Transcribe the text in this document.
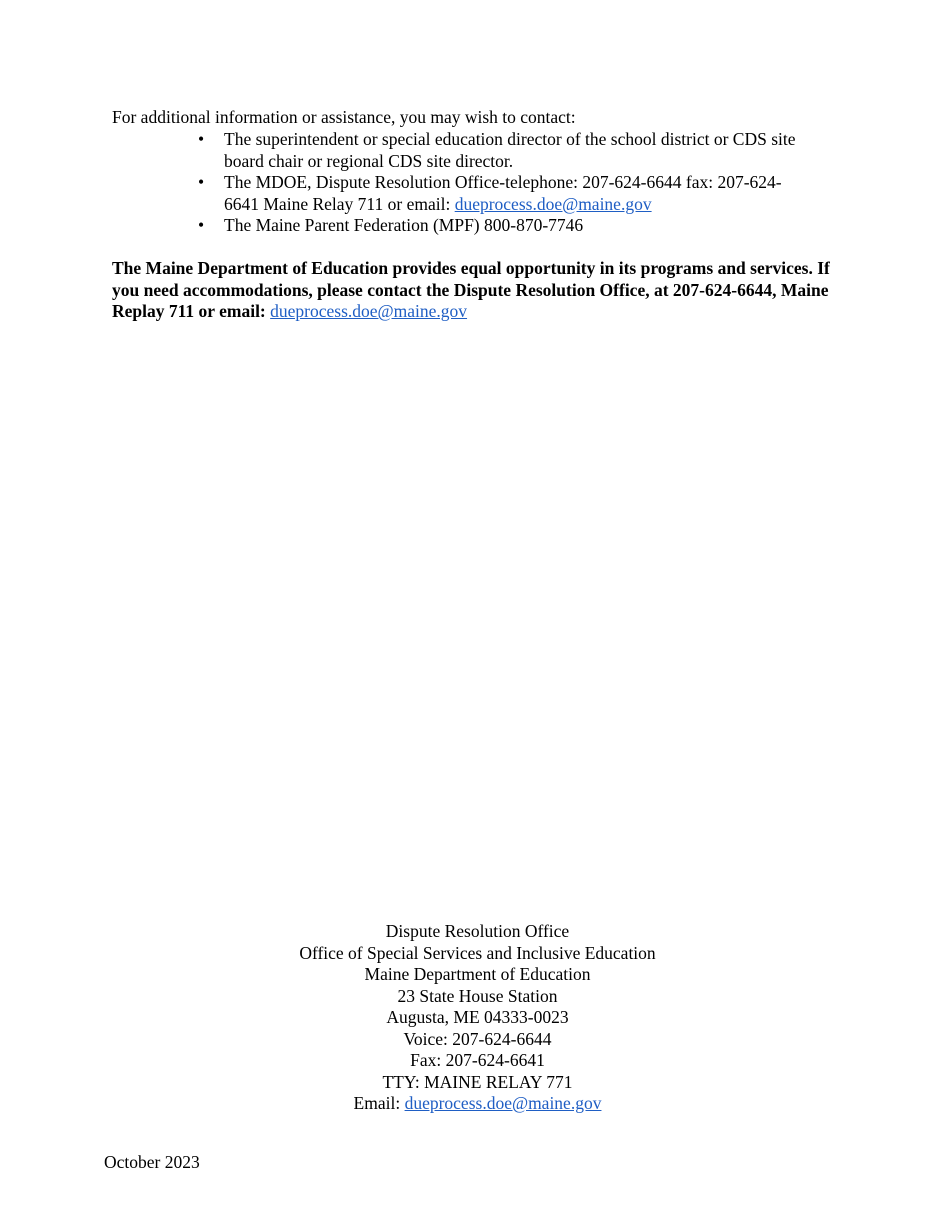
For additional information or assistance, you may wish to contact:
• The superintendent or special education director of the school district or CDS site board chair or regional CDS site director.
• The MDOE, Dispute Resolution Office-telephone: 207-624-6644 fax: 207-624-6641 Maine Relay 711 or email: dueprocess.doe@maine.gov
• The Maine Parent Federation (MPF) 800-870-7746
The Maine Department of Education provides equal opportunity in its programs and services. If you need accommodations, please contact the Dispute Resolution Office, at 207-624-6644, Maine Replay 711 or email: dueprocess.doe@maine.gov
Dispute Resolution Office
Office of Special Services and Inclusive Education
Maine Department of Education
23 State House Station
Augusta, ME 04333-0023
Voice: 207-624-6644
Fax: 207-624-6641
TTY: MAINE RELAY 771
Email: dueprocess.doe@maine.gov
October 2023
